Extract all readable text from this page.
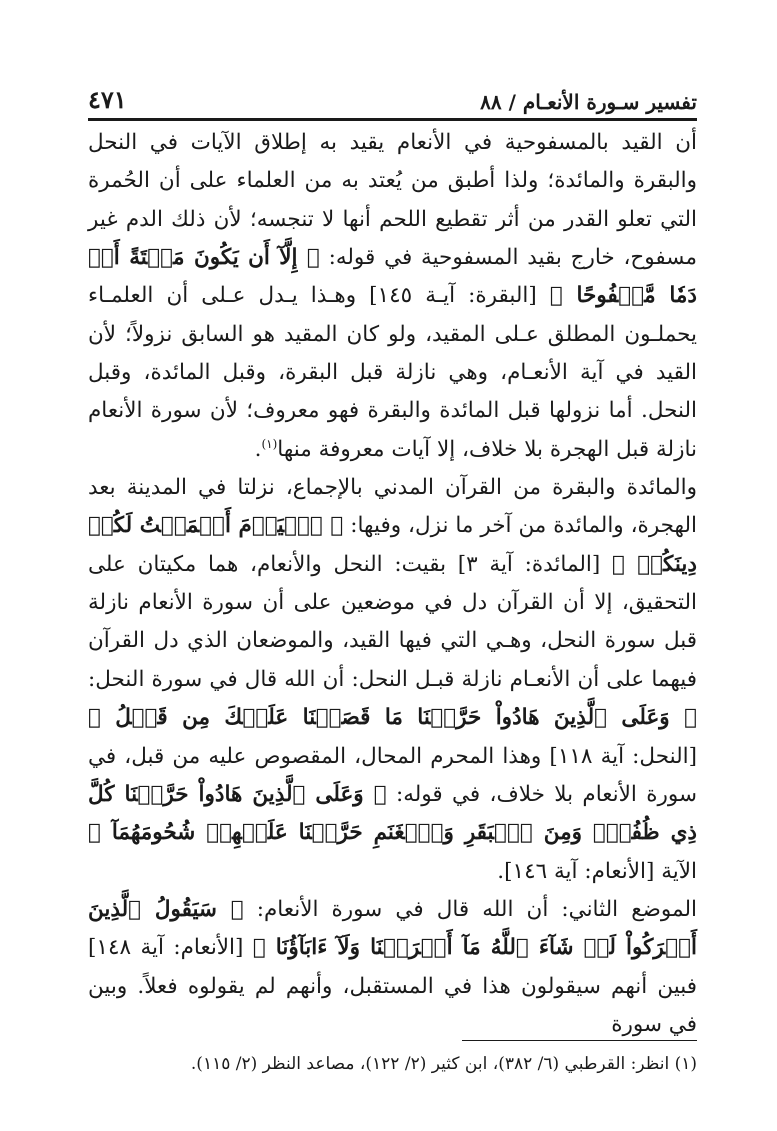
تفسير سـورة الأنعـام / ٨٨
٤٧١

أن القيد بالمسفوحية في الأنعام يقيد به إطلاق الآيات في النحل والبقرة والمائدة؛ ولذا أطبق من يُعتد به من العلماء على أن الحُمرة التي تعلو القدر من أثر تقطيع اللحم أنها لا تنجسه؛ لأن ذلك الدم غير مسفوح، خارج بقيد المسفوحية في قوله: ﴿ إِلَّآ أَن يَكُونَ مَيۡتَةً أَوۡ دَمٗا مَّسۡفُوحًا ﴾ [البقرة: آيـة ١٤٥] وهـذا يـدل عـلى أن العلمـاء يحملـون المطلق عـلى المقيد، ولو كان المقيد هو السابق نزولاً؛ لأن القيد في آية الأنعـام، وهي نازلة قبل البقرة، وقبل المائدة، وقبل النحل. أما نزولها قبل المائدة والبقرة فهو معروف؛ لأن سورة الأنعام نازلة قبل الهجرة بلا خلاف، إلا آيات معروفة منها$^{(١)}$.

والمائدة والبقرة من القرآن المدني بالإجماع، نزلتا في المدينة بعد الهجرة، والمائدة من آخر ما نزل، وفيها: ﴿ ٱلۡيَوۡمَ أَكۡمَلۡتُ لَكُمۡ دِينَكُمۡ ﴾ [المائدة: آية ٣] بقيت: النحل والأنعام، هما مكيتان على التحقيق، إلا أن القرآن دل في موضعين على أن سورة الأنعام نازلة قبل سورة النحل، وهـي التي فيها القيد، والموضعان الذي دل القرآن فيهما على أن الأنعـام نازلة قبـل النحل: أن الله قال في سورة النحل: ﴿ وَعَلَى ٱلَّذِينَ هَادُواْ حَرَّمۡنَا مَا قَصَصۡنَا عَلَيۡكَ مِن قَبۡلُ ﴾ [النحل: آية ١١٨] وهذا المحرم المحال، المقصوص عليه من قبل، في سورة الأنعام بلا خلاف، في قوله: ﴿ وَعَلَى ٱلَّذِينَ هَادُواْ حَرَّمۡنَا كُلَّ ذِي ظُفُرٍۖ وَمِنَ ٱلۡبَقَرِ وَٱلۡغَنَمِ حَرَّمۡنَا عَلَيۡهِمۡ شُحُومَهُمَآ ﴾ الآية [الأنعام: آية ١٤٦].

الموضع الثاني: أن الله قال في سورة الأنعام: ﴿ سَيَقُولُ ٱلَّذِينَ أَشۡرَكُواْ لَوۡ شَآءَ ٱللَّهُ مَآ أَشۡرَكۡنَا وَلَآ ءَابَآؤُنَا ﴾ [الأنعام: آية ١٤٨] فبين أنهم سيقولون هذا في المستقبل، وأنهم لم يقولوه فعلاً. وبين في سورة

(١) انظر: القرطبي (٦/ ٣٨٢)، ابن كثير (٢/ ١٢٢)، مصاعد النظر (٢/ ١١٥).
